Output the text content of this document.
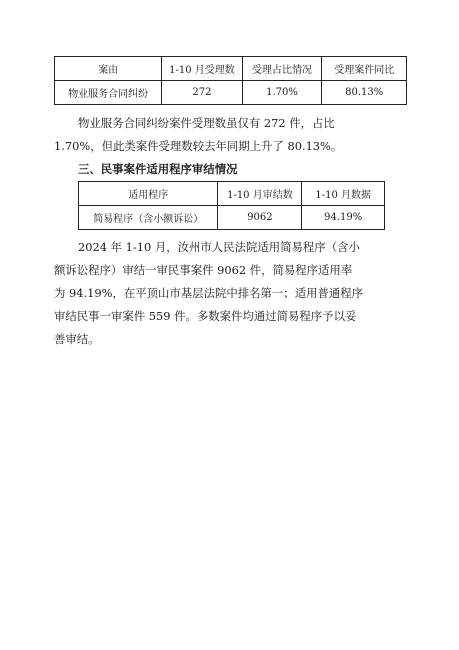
案由	1-10 月受理数	受理占比情况	受理案件同比
物业服务合同纠纷	272	1.70%	80.13%

物业服务合同纠纷案件受理数虽仅有 272 件，占比

1.70%，但此类案件受理数较去年同期上升了 80.13%。

三、民事案件适用程序审结情况

适用程序	1-10 月审结数	1-10 月数据
简易程序（含小额诉讼）	9062	94.19%

2024 年 1-10 月，汝州市人民法院适用简易程序（含小

额诉讼程序）审结一审民事案件 9062 件，简易程序适用率

为 94.19%，在平顶山市基层法院中排名第一；适用普通程序

审结民事一审案件 559 件。多数案件均通过简易程序予以妥

善审结。
